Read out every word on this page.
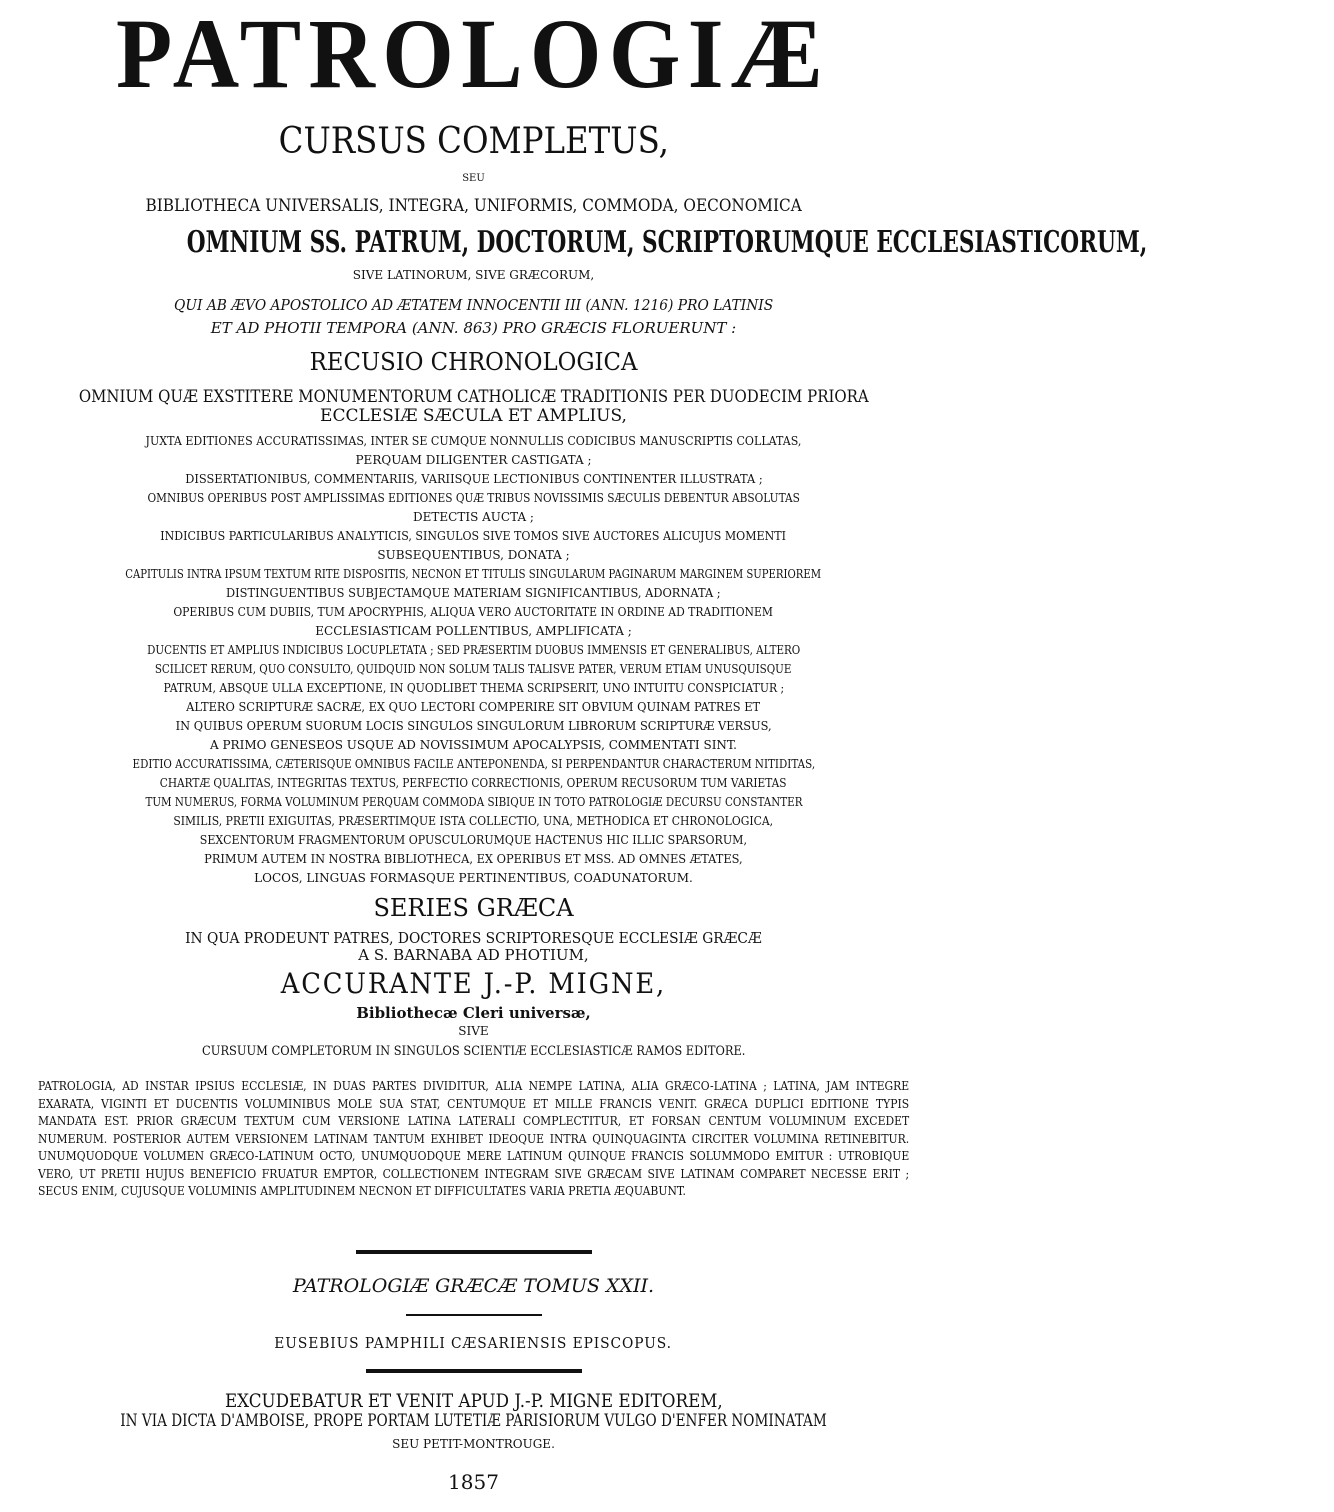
PATROLOGIÆ
CURSUS COMPLETUS,
SEU
BIBLIOTHECA UNIVERSALIS, INTEGRA, UNIFORMIS, COMMODA, OECONOMICA
OMNIUM SS. PATRUM, DOCTORUM, SCRIPTORUMQUE ECCLESIASTICORUM,
SIVE LATINORUM, SIVE GRÆCORUM,
QUI AB ÆVO APOSTOLICO AD ÆTATEM INNOCENTII III (ANN. 1216) PRO LATINIS
ET AD PHOTII TEMPORA (ANN. 863) PRO GRÆCIS FLORUERUNT :
RECUSIO CHRONOLOGICA
OMNIUM QUÆ EXSTITERE MONUMENTORUM CATHOLICÆ TRADITIONIS PER DUODECIM PRIORA
ECCLESIÆ SÆCULA ET AMPLIUS,
JUXTA EDITIONES ACCURATISSIMAS, INTER SE CUMQUE NONNULLIS CODICIBUS MANUSCRIPTIS COLLATAS,
PERQUAM DILIGENTER CASTIGATA ;
DISSERTATIONIBUS, COMMENTARIIS, VARIISQUE LECTIONIBUS CONTINENTER ILLUSTRATA ;
OMNIBUS OPERIBUS POST AMPLISSIMAS EDITIONES QUÆ TRIBUS NOVISSIMIS SÆCULIS DEBENTUR ABSOLUTAS
DETECTIS AUCTA ;
INDICIBUS PARTICULARIBUS ANALYTICIS, SINGULOS SIVE TOMOS SIVE AUCTORES ALICUJUS MOMENTI
SUBSEQUENTIBUS, DONATA ;
CAPITULIS INTRA IPSUM TEXTUM RITE DISPOSITIS, NECNON ET TITULIS SINGULARUM PAGINARUM MARGINEM SUPERIOREM
DISTINGUENTIBUS SUBJECTAMQUE MATERIAM SIGNIFICANTIBUS, ADORNATA ;
OPERIBUS CUM DUBIIS, TUM APOCRYPHIS, ALIQUA VERO AUCTORITATE IN ORDINE AD TRADITIONEM
ECCLESIASTICAM POLLENTIBUS, AMPLIFICATA ;
DUCENTIS ET AMPLIUS INDICIBUS LOCUPLETATA ; SED PRÆSERTIM DUOBUS IMMENSIS ET GENERALIBUS, ALTERO
SCILICET RERUM, QUO CONSULTO, QUIDQUID NON SOLUM TALIS TALISVE PATER, VERUM ETIAM UNUSQUISQUE
PATRUM, ABSQUE ULLA EXCEPTIONE, IN QUODLIBET THEMA SCRIPSERIT, UNO INTUITU CONSPICIATUR ;
ALTERO SCRIPTURÆ SACRÆ, EX QUO LECTORI COMPERIRE SIT OBVIUM QUINAM PATRES ET
IN QUIBUS OPERUM SUORUM LOCIS SINGULOS SINGULORUM LIBRORUM SCRIPTURÆ VERSUS,
A PRIMO GENESEOS USQUE AD NOVISSIMUM APOCALYPSIS, COMMENTATI SINT.
EDITIO ACCURATISSIMA, CÆTERISQUE OMNIBUS FACILE ANTEPONENDA, SI PERPENDANTUR CHARACTERUM NITIDITAS,
CHARTÆ QUALITAS, INTEGRITAS TEXTUS, PERFECTIO CORRECTIONIS, OPERUM RECUSORUM TUM VARIETAS
TUM NUMERUS, FORMA VOLUMINUM PERQUAM COMMODA SIBIQUE IN TOTO PATROLOGIÆ DECURSU CONSTANTER
SIMILIS, PRETII EXIGUITAS, PRÆSERTIMQUE ISTA COLLECTIO, UNA, METHODICA ET CHRONOLOGICA,
SEXCENTORUM FRAGMENTORUM OPUSCULORUMQUE HACTENUS HIC ILLIC SPARSORUM,
PRIMUM AUTEM IN NOSTRA BIBLIOTHECA, EX OPERIBUS ET MSS. AD OMNES ÆTATES,
LOCOS, LINGUAS FORMASQUE PERTINENTIBUS, COADUNATORUM.
SERIES GRÆCA
IN QUA PRODEUNT PATRES, DOCTORES SCRIPTORESQUE ECCLESIÆ GRÆCÆ
A S. BARNABA AD PHOTIUM,
ACCURANTE J.-P. MIGNE,
Bibliothecæ Cleri universæ,
SIVE
CURSUUM COMPLETORUM IN SINGULOS SCIENTIÆ ECCLESIASTICÆ RAMOS EDITORE.
PATROLOGIA, AD INSTAR IPSIUS ECCLESIÆ, IN DUAS PARTES DIVIDITUR, ALIA NEMPE LATINA, ALIA GRÆCO-LATINA ; LATINA, JAM INTEGRE EXARATA, VIGINTI ET DUCENTIS VOLUMINIBUS MOLE SUA STAT, CENTUMQUE ET MILLE FRANCIS VENIT. GRÆCA DUPLICI EDITIONE TYPIS MANDATA EST. PRIOR GRÆCUM TEXTUM CUM VERSIONE LATINA LATERALI COMPLECTITUR, ET FORSAN CENTUM VOLUMINUM EXCEDET NUMERUM. POSTERIOR AUTEM VERSIONEM LATINAM TANTUM EXHIBET IDEOQUE INTRA QUINQUAGINTA CIRCITER VOLUMINA RETINEBITUR. UNUMQUODQUE VOLUMEN GRÆCO-LATINUM OCTO, UNUMQUODQUE MERE LATINUM QUINQUE FRANCIS SOLUMMODO EMITUR : UTROBIQUE VERO, UT PRETII HUJUS BENEFICIO FRUATUR EMPTOR, COLLECTIONEM INTEGRAM SIVE GRÆCAM SIVE LATINAM COMPARET NECESSE ERIT ; SECUS ENIM, CUJUSQUE VOLUMINIS AMPLITUDINEM NECNON ET DIFFICULTATES VARIA PRETIA ÆQUABUNT.
PATROLOGIÆ GRÆCÆ TOMUS XXII.
EUSEBIUS PAMPHILI CÆSARIENSIS EPISCOPUS.
EXCUDEBATUR ET VENIT APUD J.-P. MIGNE EDITOREM,
IN VIA DICTA D'AMBOISE, PROPE PORTAM LUTETIÆ PARISIORUM VULGO D'ENFER NOMINATAM
SEU PETIT-MONTROUGE.
1857
